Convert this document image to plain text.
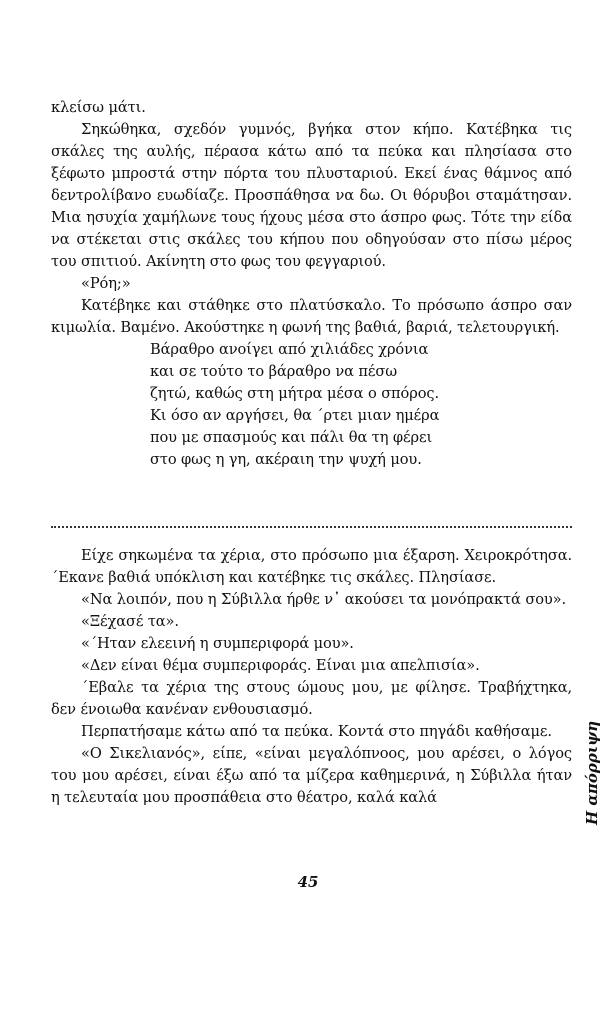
κλείσω μάτι.

Σηκώθηκα, σχεδόν γυμνός, βγήκα στον κήπο. Κατέβηκα τις σκάλες της αυλής, πέρασα κάτω από τα πεύκα και πλησίασα στο ξέφωτο μπροστά στην πόρτα του πλυσταριού. Εκεί ένας θάμνος από δεντρολίβανο ευωδίαζε. Προσπάθησα να δω. Οι θόρυβοι σταμάτησαν. Μια ησυχία χαμήλωνε τους ήχους μέσα στο άσπρο φως. Τότε την είδα να στέκεται στις σκάλες του κήπου που οδηγούσαν στο πίσω μέρος του σπιτιού. Ακίνητη στο φως του φεγγαριού.

«Ρόη;»

Κατέβηκε και στάθηκε στο πλατύσκαλο. Το πρόσωπο άσπρο σαν κιμωλία. Βαμένο. Ακούστηκε η φωνή της βαθιά, βαριά, τελετουργική.

Βάραθρο ανοίγει από χιλιάδες χρόνια
και σε τούτο το βάραθρο να πέσω
ζητώ, καθώς στη μήτρα μέσα ο σπόρος.
Κι όσο αν αργήσει, θα ΄ρτει μιαν ημέρα
που με σπασμούς και πάλι θα τη φέρει
στο φως η γη, ακέραιη την ψυχή μου.

Είχε σηκωμένα τα χέρια, στο πρόσωπο μια έξαρση. Χειροκρότησα. ΄Εκανε βαθιά υπόκλιση και κατέβηκε τις σκάλες. Πλησίασε.

«Να λοιπόν, που η Σύβιλλα ήρθε ν᾽ ακούσει τα μονόπρακτά σου».

«Ξέχασέ τα».

«΄Ηταν ελεεινή η συμπεριφορά μου».

«Δεν είναι θέμα συμπεριφοράς. Είναι μια απελπισία».

΄Εβαλε τα χέρια της στους ώμους μου, με φίλησε. Τραβήχτηκα, δεν ένοιωθα κανέναν ενθουσιασμό.

Περπατήσαμε κάτω από τα πεύκα. Κοντά στο πηγάδι καθήσαμε.

«Ο Σικελιανός», είπε, «είναι μεγαλόπνοος, μου αρέσει, ο λόγος του μου αρέσει, είναι έξω από τα μίζερα καθημερινά, η Σύβιλλα ήταν η τελευταία μου προσπάθεια στο θέατρο, καλά καλά

45
Η απόρριψη
